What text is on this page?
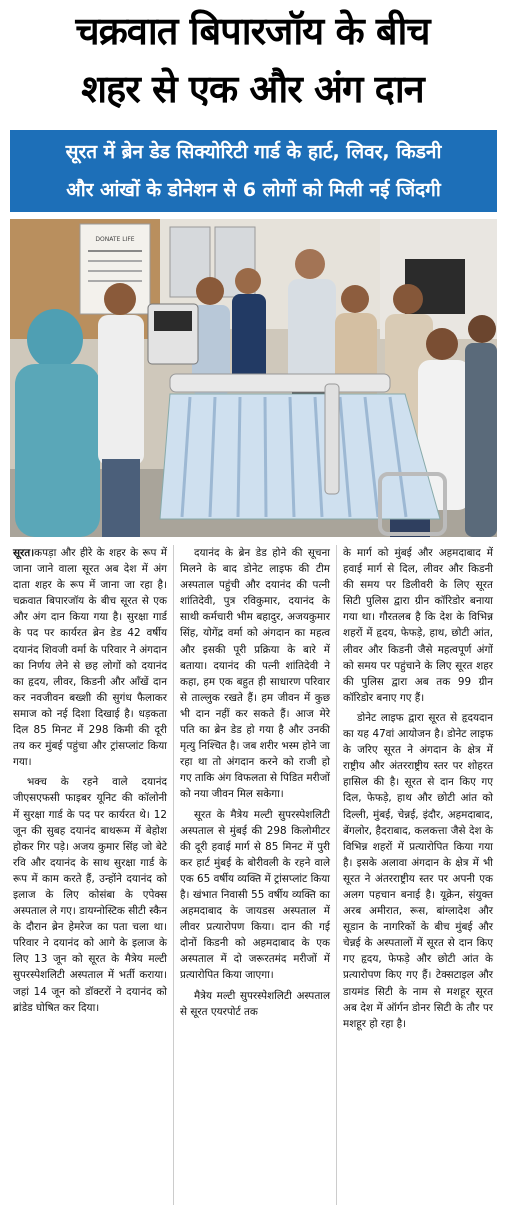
चक्रवात बिपारजॉय के बीच
शहर से एक और अंग दान
सूरत में ब्रेन डेड सिक्योरिटी गार्ड के हार्ट, लिवर, किडनी
और आंखों के डोनेशन से 6 लोगों को मिली नई जिंदगी
DONATE LIFE

सूरत।कपड़ा और हीरे के शहर के रूप में जाना जाने वाला सूरत अब देश में अंग दाता शहर के रूप में जाना जा रहा है। चक्रवात बिपारजॉय के बीच सूरत से एक और अंग दान किया गया है। सुरक्षा गार्ड के पद पर कार्यरत ब्रेन डेड 42 वर्षीय दयानंद शिवजी वर्मा के परिवार ने अंगदान का निर्णय लेने से छह लोगों को दयानंद का हृदय, लीवर, किडनी और आँखें दान कर नवजीवन बख्शी की सुगंध फैलाकर समाज को नई दिशा दिखाई है। धड़कता दिल 85 मिनट में 298 किमी की दूरी तय कर मुंबई पहुंचा और ट्रांसप्लांट किया गया।

भक्च के रहने वाले दयानंद जीएसएफसी फाइबर यूनिट की कॉलोनी में सुरक्षा गार्ड के पद पर कार्यरत थे। 12 जून की सुबह दयानंद बाथरूम में बेहोश होकर गिर पड़े। अजय कुमार सिंह जो बेटे रवि और दयानंद के साथ सुरक्षा गार्ड के रूप में काम करते हैं, उन्होंने दयानंद को इलाज के लिए कोसंबा के एपेक्स अस्पताल ले गए। डायग्नोस्टिक सीटी स्कैन के दौरान ब्रेन हेमरेज का पता चला था। परिवार ने दयानंद को आगे के इलाज के लिए 13 जून को सूरत के मैत्रेय मल्टी सुपरस्पेशलिटी अस्पताल में भर्ती कराया। जहां 14 जून को डॉक्टरों ने दयानंद को ब्रांडेड घोषित कर दिया।

दयानंद के ब्रेन डेड होने की सूचना मिलने के बाद डोनेट लाइफ की टीम अस्पताल पहुंची और दयानंद की पत्नी शांतिदेवी, पुत्र रविकुमार, दयानंद के साथी कर्मचारी भीम बहादुर, अजयकुमार सिंह, योगेंद्र वर्मा को अंगदान का महत्व और इसकी पूरी प्रक्रिया के बारे में बताया। दयानंद की पत्नी शांतिदेवी ने कहा, हम एक बहुत ही साधारण परिवार से ताल्लुक रखते हैं। हम जीवन में कुछ भी दान नहीं कर सकते हैं। आज मेरे पति का ब्रेन डेड हो गया है और उनकी मृत्यु निश्चित है। जब शरीर भस्म होने जा रहा था तो अंगदान करने को राजी हो गए ताकि अंग विफलता से पिडित मरीजों को नया जीवन मिल सकेगा।

सूरत के मैत्रेय मल्टी सुपरस्पेशलिटी अस्पताल से मुंबई की 298 किलोमीटर की दूरी हवाई मार्ग से 85 मिनट में पुरी कर हार्ट मुंबई के बोरीवली के रहने वाले एक 65 वर्षीय व्यक्ति में ट्रांसप्लांट किया है। खंभात निवासी 55 वर्षीय व्यक्ति का अहमदाबाद के जायडस अस्पताल में लीवर प्रत्यारोपण किया। दान की गई दोनों किडनी को अहमदाबाद के एक अस्पताल में दो जरूरतमंद मरीजों में प्रत्यारोपित किया जाएगा।

मैत्रेय मल्टी सुपरस्पेशलिटी अस्पताल से सूरत एयरपोर्ट तक

के मार्ग को मुंबई और अहमदाबाद में हवाई मार्ग से दिल, लीवर और किडनी की समय पर डिलीवरी के लिए सूरत सिटी पुलिस द्वारा ग्रीन कॉरिडोर बनाया गया था। गौरतलब है कि देश के विभिन्न शहरों में हृदय, फेफड़े, हाथ, छोटी आंत, लीवर और किडनी जैसे महत्वपूर्ण अंगों को समय पर पहुंचाने के लिए सूरत शहर की पुलिस द्वारा अब तक 99 ग्रीन कॉरिडोर बनाए गए हैं।

डोनेट लाइफ द्वारा सूरत से हृदयदान का यह 47वां आयोजन है। डोनेट लाइफ के जरिए सूरत ने अंगदान के क्षेत्र में राष्ट्रीय और अंतरराष्ट्रीय स्तर पर शोहरत हासिल की है। सूरत से दान किए गए दिल, फेफड़े, हाथ और छोटी आंत को दिल्ली, मुंबई, चेन्नई, इंदौर, अहमदाबाद, बेंगलोर, हैदराबाद, कलकत्ता जैसे देश के विभिन्न शहरों में प्रत्यारोपित किया गया है। इसके अलावा अंगदान के क्षेत्र में भी सूरत ने अंतरराष्ट्रीय स्तर पर अपनी एक अलग पहचान बनाई है। यूक्रेन, संयुक्त अरब अमीरात, रूस, बांग्लादेश और सूडान के नागरिकों के बीच मुंबई और चेन्नई के अस्पतालों में सूरत से दान किए गए हृदय, फेफड़े और छोटी आंत के प्रत्यारोपण किए गए हैं। टेक्सटाइल और डायमंड सिटी के नाम से मशहूर सूरत अब देश में ऑर्गन डोनर सिटी के तौर पर मशहूर हो रहा है।
